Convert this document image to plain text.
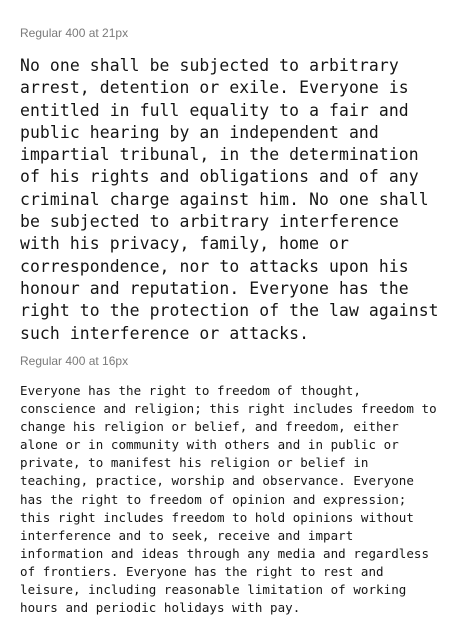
Regular 400 at 21px

No one shall be subjected to arbitrary
arrest, detention or exile. Everyone is
entitled in full equality to a fair and
public hearing by an independent and
impartial tribunal, in the determination
of his rights and obligations and of any
criminal charge against him. No one shall
be subjected to arbitrary interference
with his privacy, family, home or
correspondence, nor to attacks upon his
honour and reputation. Everyone has the
right to the protection of the law against
such interference or attacks.

Regular 400 at 16px

Everyone has the right to freedom of thought,
conscience and religion; this right includes freedom to
change his religion or belief, and freedom, either
alone or in community with others and in public or
private, to manifest his religion or belief in
teaching, practice, worship and observance. Everyone
has the right to freedom of opinion and expression;
this right includes freedom to hold opinions without
interference and to seek, receive and impart
information and ideas through any media and regardless
of frontiers. Everyone has the right to rest and
leisure, including reasonable limitation of working
hours and periodic holidays with pay.
